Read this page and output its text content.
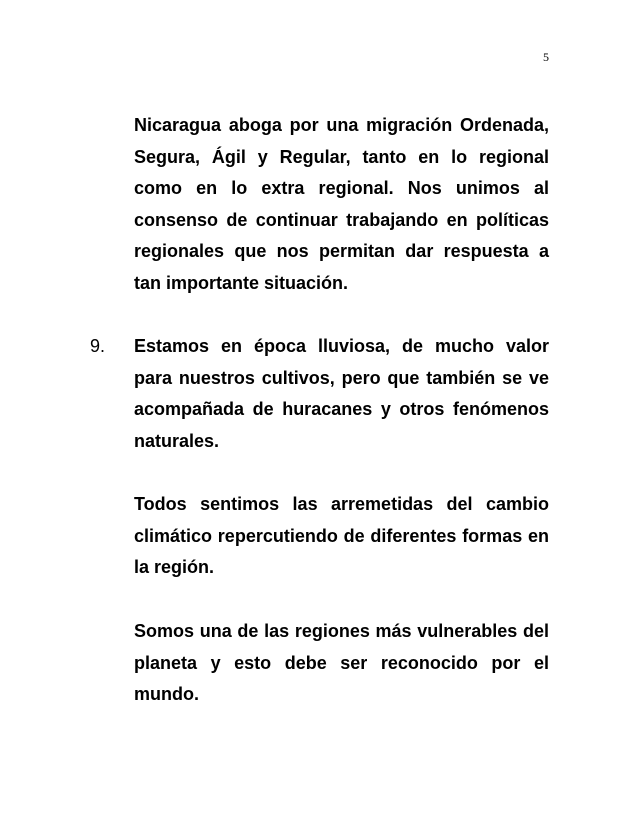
5
Nicaragua aboga por una migración Ordenada, Segura, Ágil y Regular, tanto en lo regional como en lo extra regional. Nos unimos al consenso de continuar trabajando en políticas regionales que nos permitan dar respuesta a tan importante situación.
9. Estamos en época lluviosa, de mucho valor para nuestros cultivos, pero que también se ve acompañada de huracanes y otros fenómenos naturales.
Todos sentimos las arremetidas del cambio climático repercutiendo de diferentes formas en la región.
Somos una de las regiones más vulnerables del planeta y esto debe ser reconocido por el mundo.
